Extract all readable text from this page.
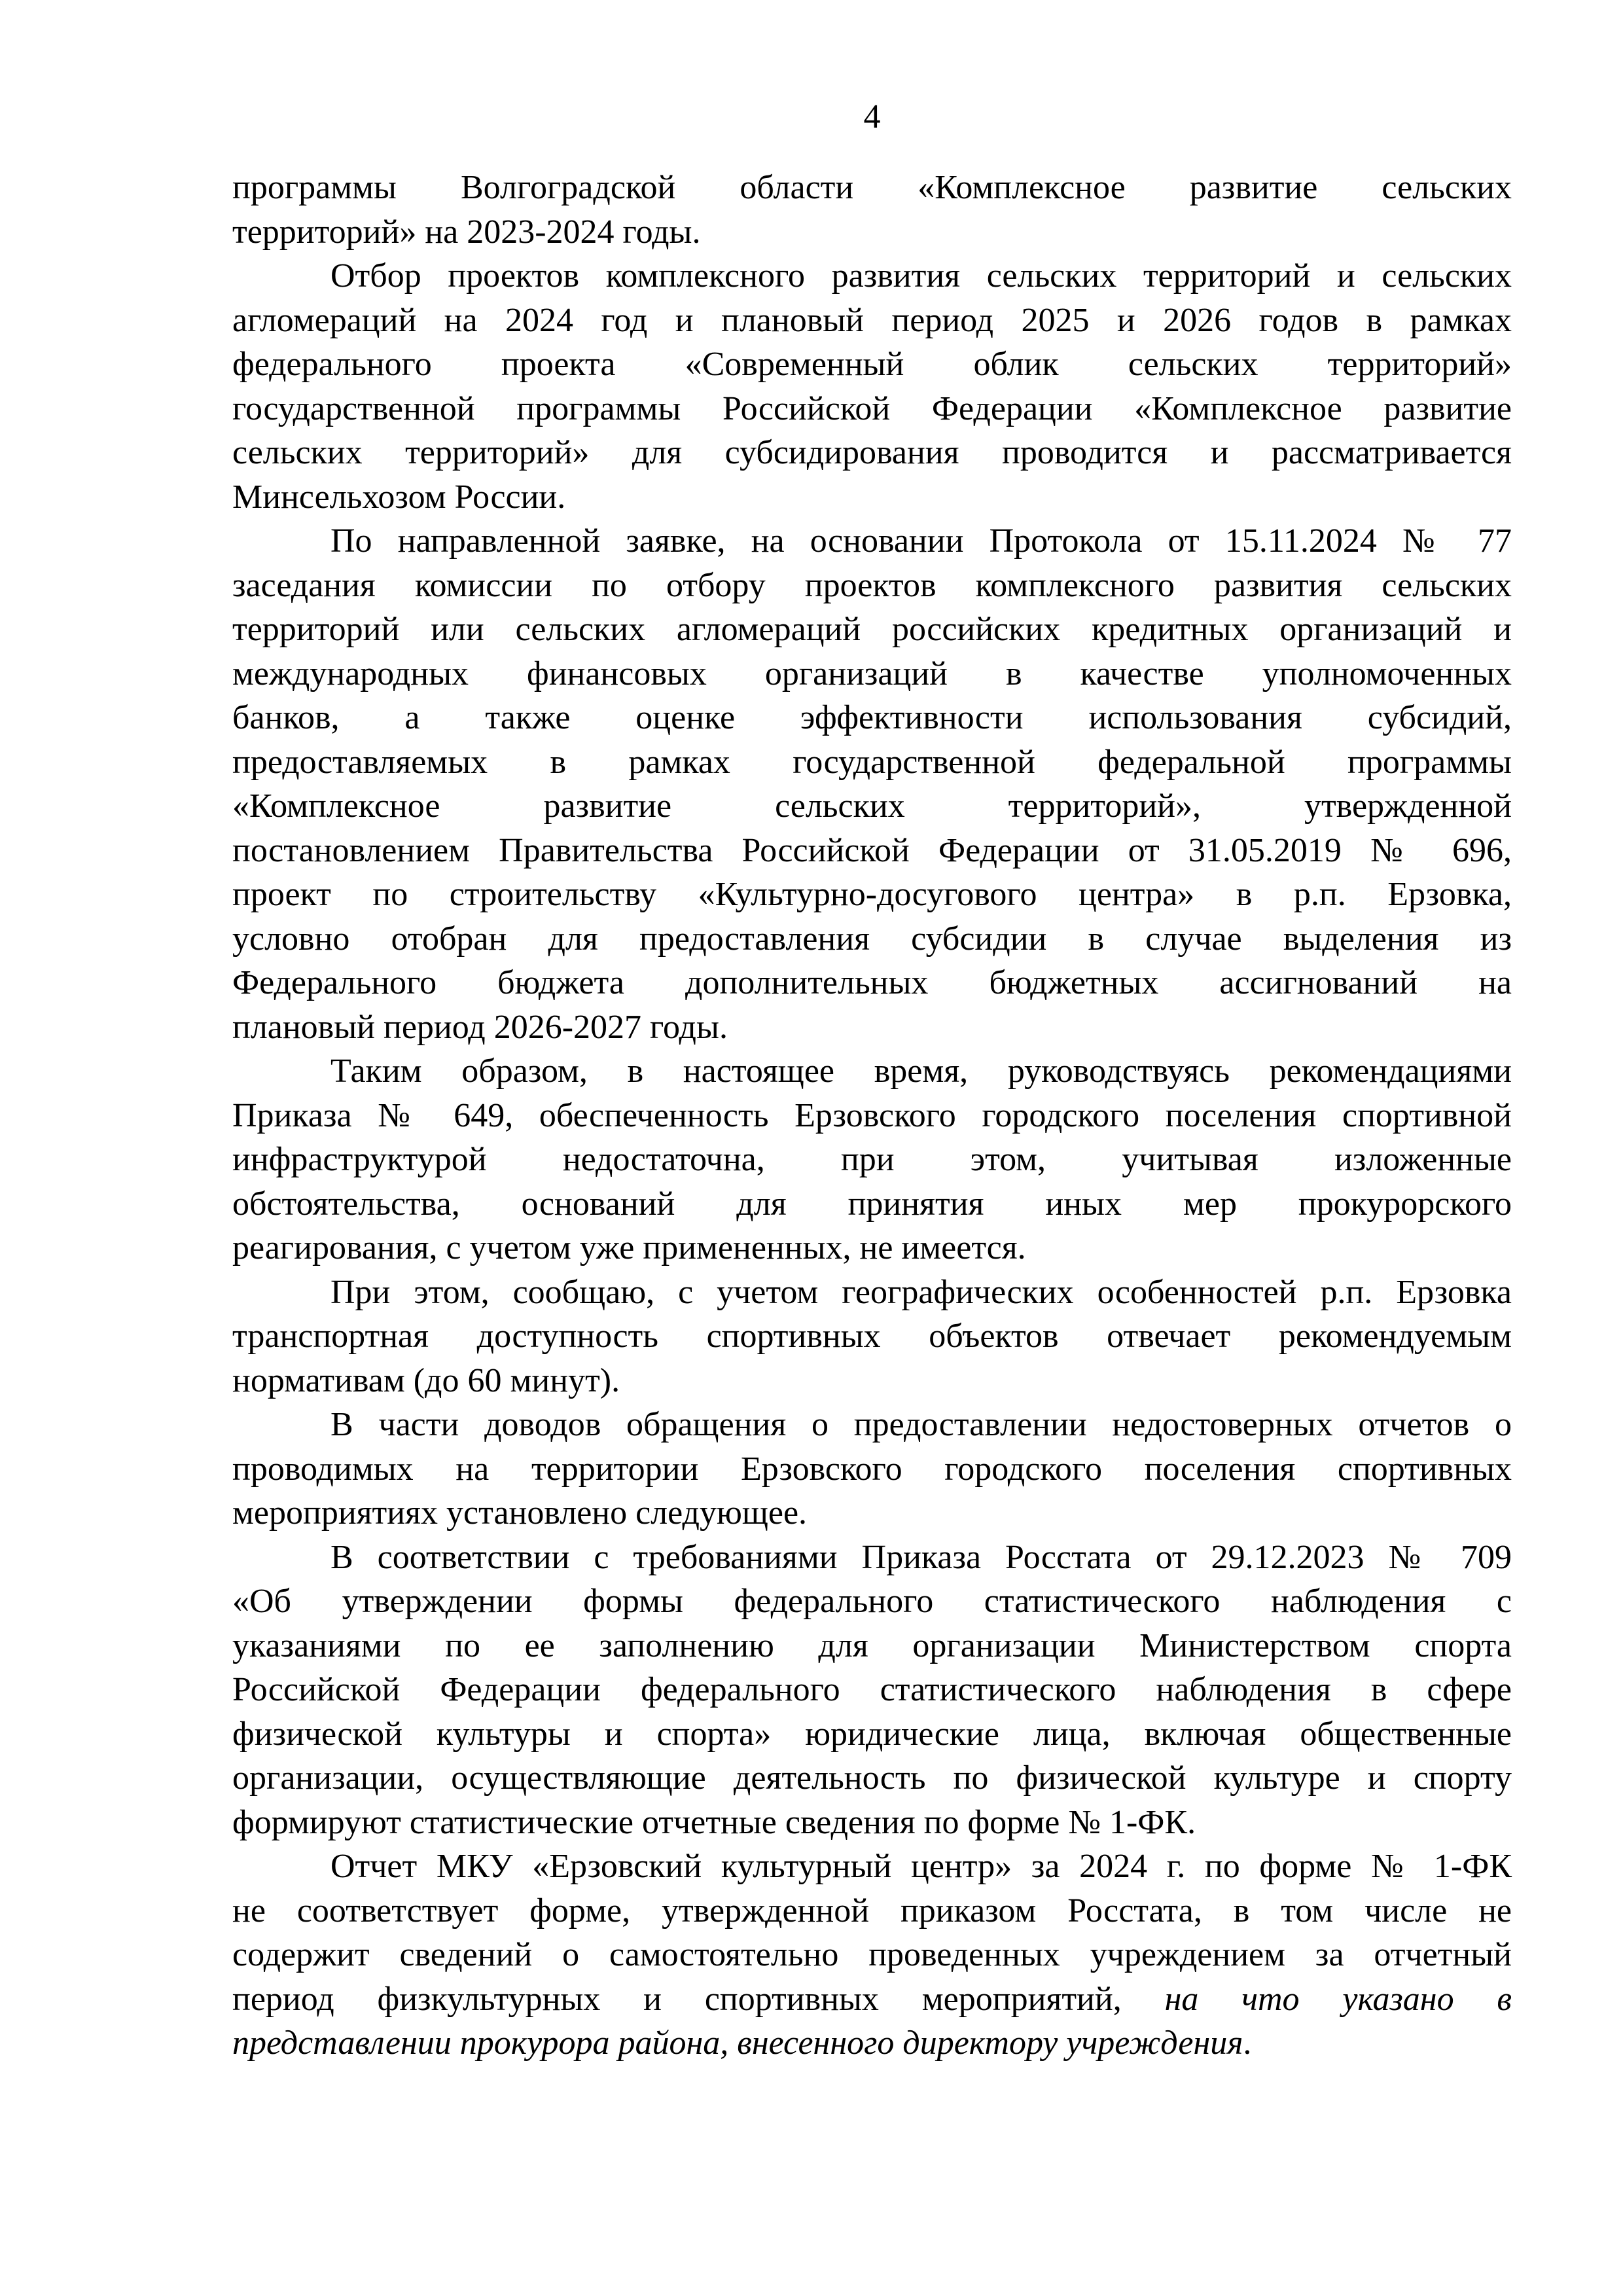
4
программы Волгоградской области «Комплексное развитие сельских
территорий» на 2023-2024 годы.
Отбор проектов комплексного развития сельских территорий и сельских
агломераций на 2024 год и плановый период 2025 и 2026 годов в рамках
федерального проекта «Современный облик сельских территорий»
государственной программы Российской Федерации «Комплексное развитие
сельских территорий» для субсидирования проводится и рассматривается
Минсельхозом России.
По направленной заявке, на основании Протокола от 15.11.2024 № 77
заседания комиссии по отбору проектов комплексного развития сельских
территорий или сельских агломераций российских кредитных организаций и
международных финансовых организаций в качестве уполномоченных
банков, а также оценке эффективности использования субсидий,
предоставляемых в рамках государственной федеральной программы
«Комплексное развитие сельских территорий», утвержденной
постановлением Правительства Российской Федерации от 31.05.2019 № 696,
проект по строительству «Культурно-досугового центра» в р.п. Ерзовка,
условно отобран для предоставления субсидии в случае выделения из
Федерального бюджета дополнительных бюджетных ассигнований на
плановый период 2026-2027 годы.
Таким образом, в настоящее время, руководствуясь рекомендациями
Приказа № 649, обеспеченность Ерзовского городского поселения спортивной
инфраструктурой недостаточна, при этом, учитывая изложенные
обстоятельства, оснований для принятия иных мер прокурорского
реагирования, с учетом уже примененных, не имеется.
При этом, сообщаю, с учетом географических особенностей р.п. Ерзовка
транспортная доступность спортивных объектов отвечает рекомендуемым
нормативам (до 60 минут).
В части доводов обращения о предоставлении недостоверных отчетов о
проводимых на территории Ерзовского городского поселения спортивных
мероприятиях установлено следующее.
В соответствии с требованиями Приказа Росстата от 29.12.2023 № 709
«Об утверждении формы федерального статистического наблюдения с
указаниями по ее заполнению для организации Министерством спорта
Российской Федерации федерального статистического наблюдения в сфере
физической культуры и спорта» юридические лица, включая общественные
организации, осуществляющие деятельность по физической культуре и спорту
формируют статистические отчетные сведения по форме № 1-ФК.
Отчет МКУ «Ерзовский культурный центр» за 2024 г. по форме № 1-ФК
не соответствует форме, утвержденной приказом Росстата, в том числе не
содержит сведений о самостоятельно проведенных учреждением за отчетный
период физкультурных и спортивных мероприятий, на что указано в
представлении прокурора района, внесенного директору учреждения.
